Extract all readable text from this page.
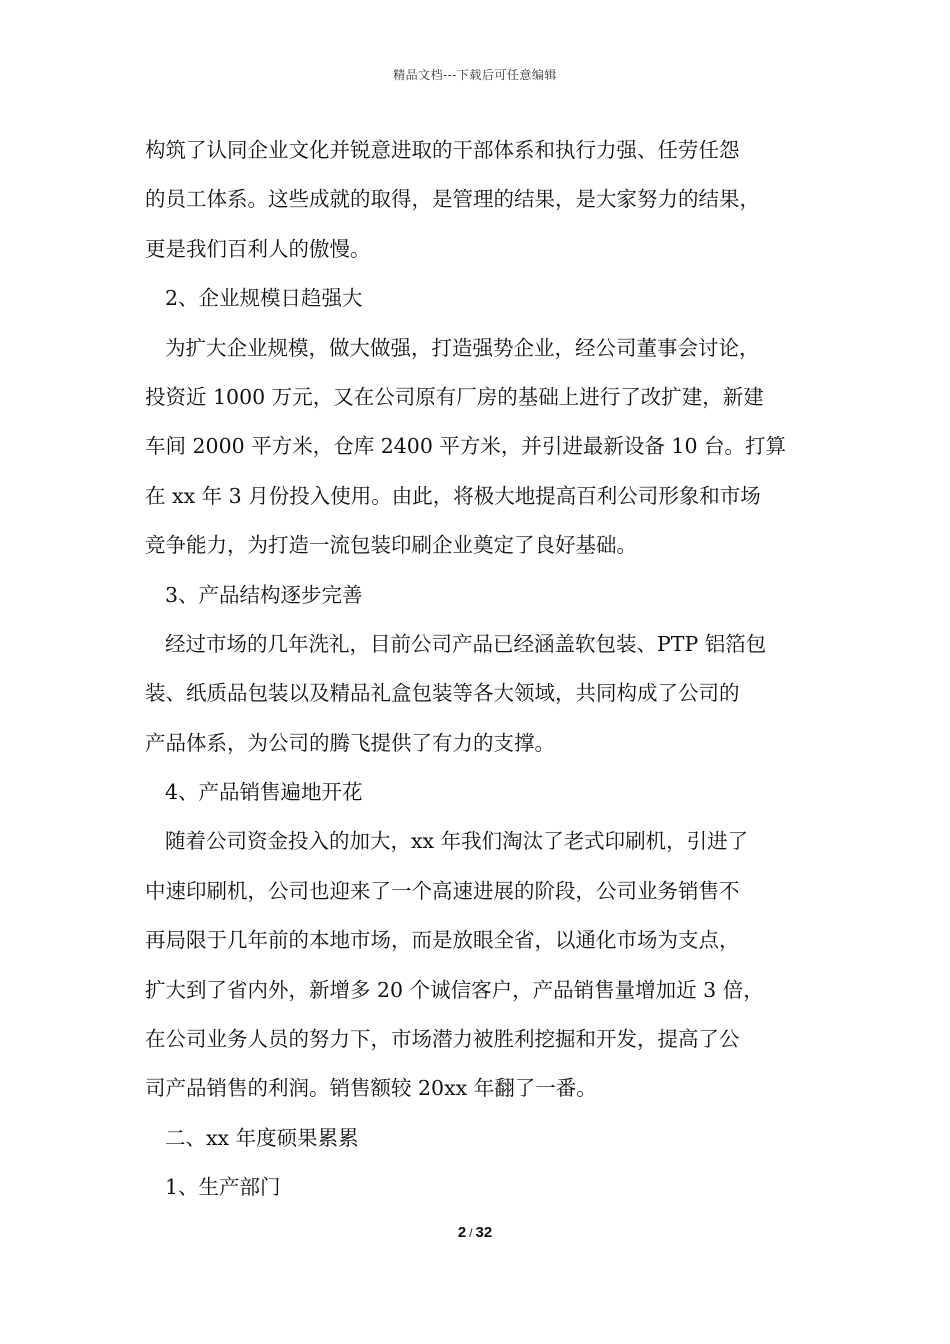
精品文档---下载后可任意编辑
构筑了认同企业文化并锐意进取的干部体系和执行力强、任劳任怨
的员工体系。这些成就的取得，是管理的结果，是大家努力的结果，
更是我们百利人的傲慢。
2、企业规模日趋强大
为扩大企业规模，做大做强，打造强势企业，经公司董事会讨论，
投资近 1000 万元，又在公司原有厂房的基础上进行了改扩建，新建
车间 2000 平方米，仓库 2400 平方米，并引进最新设备 10 台。打算
在 xx 年 3 月份投入使用。由此，将极大地提高百利公司形象和市场
竞争能力，为打造一流包装印刷企业奠定了良好基础。
3、产品结构逐步完善
经过市场的几年洗礼，目前公司产品已经涵盖软包装、PTP 铝箔包
装、纸质品包装以及精品礼盒包装等各大领域，共同构成了公司的
产品体系，为公司的腾飞提供了有力的支撑。
4、产品销售遍地开花
随着公司资金投入的加大，xx 年我们淘汰了老式印刷机，引进了
中速印刷机，公司也迎来了一个高速进展的阶段，公司业务销售不
再局限于几年前的本地市场，而是放眼全省，以通化市场为支点，
扩大到了省内外，新增多 20 个诚信客户，产品销售量增加近 3 倍，
在公司业务人员的努力下，市场潜力被胜利挖掘和开发，提高了公
司产品销售的利润。销售额较 20xx 年翻了一番。
二、xx 年度硕果累累
1、生产部门
2 / 32
